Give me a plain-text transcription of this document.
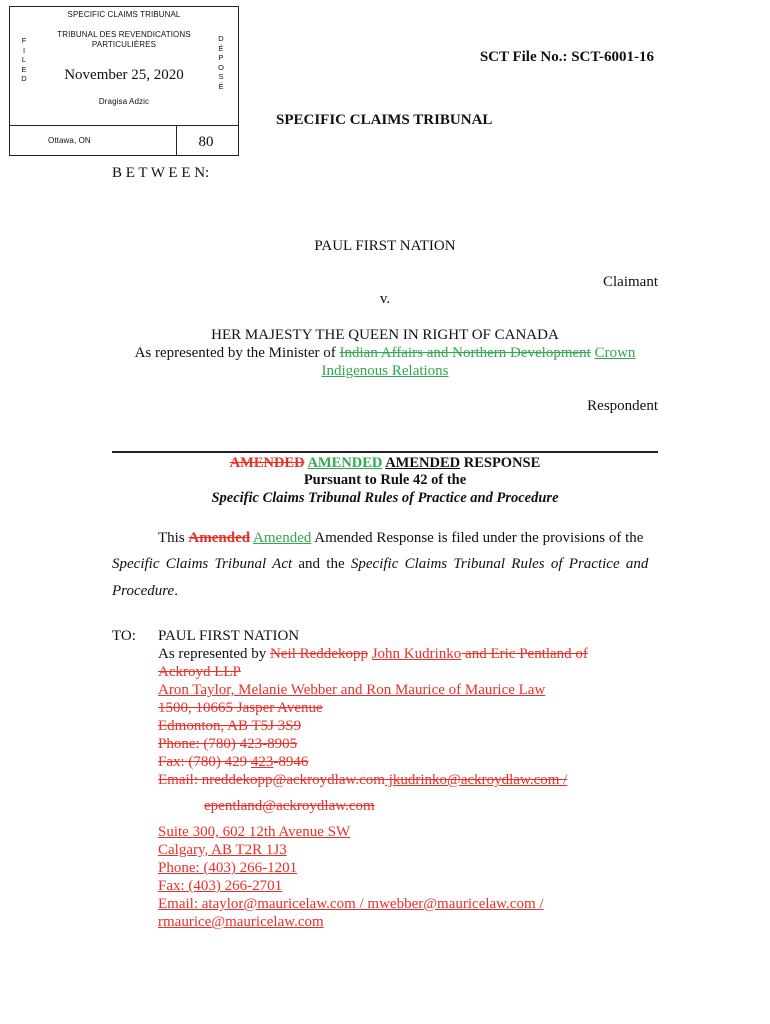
SPECIFIC CLAIMS TRIBUNAL
TRIBUNAL DES REVENDICATIONS
PARTICULIÈRES
F
I
L
E
D
D
É
P
O
S
É
November 25, 2020
Dragisa Adzic
Ottawa, ON	80
SCT File No.: SCT-6001-16
SPECIFIC CLAIMS TRIBUNAL
B E T W E E N:
PAUL FIRST NATION
Claimant
v.
HER MAJESTY THE QUEEN IN RIGHT OF CANADA
As represented by the Minister of Indian Affairs and Northern Development Crown
Indigenous Relations
Respondent
AMENDED AMENDED AMENDED RESPONSE
Pursuant to Rule 42 of the
Specific Claims Tribunal Rules of Practice and Procedure
This Amended Amended Amended Response is filed under the provisions of the
Specific Claims Tribunal Act and the Specific Claims Tribunal Rules of Practice and
Procedure.
TO: PAUL FIRST NATION
As represented by Neil Reddekopp John Kudrinko and Eric Pentland of
Ackroyd LLP
Aron Taylor, Melanie Webber and Ron Maurice of Maurice Law
1500, 10665 Jasper Avenue
Edmonton, AB T5J 3S9
Phone: (780) 423-8905
Fax: (780) 429 423-8946
Email: nreddekopp@ackroydlaw.com jkudrinko@ackroydlaw.com /
epentland@ackroydlaw.com
Suite 300, 602 12th Avenue SW
Calgary, AB T2R 1J3
Phone: (403) 266-1201
Fax: (403) 266-2701
Email: ataylor@mauricelaw.com / mwebber@mauricelaw.com /
rmaurice@mauricelaw.com
